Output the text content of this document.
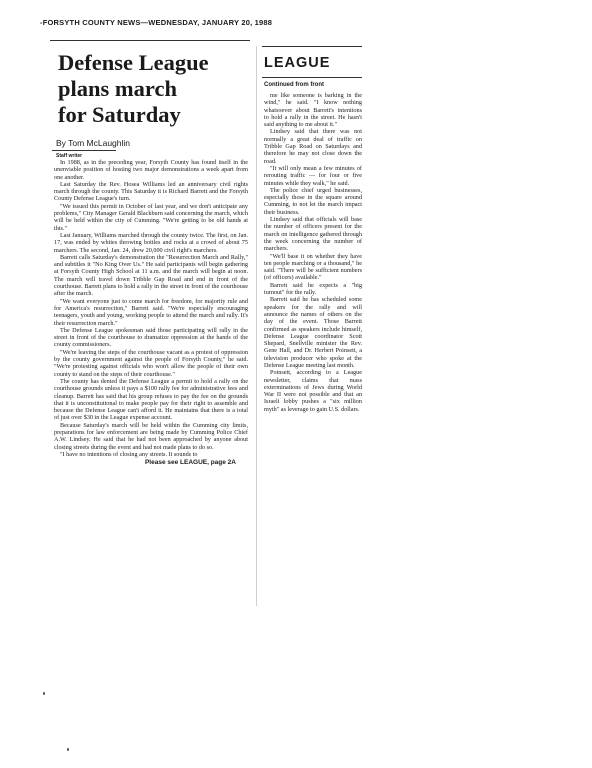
-FORSYTH COUNTY NEWS—WEDNESDAY, JANUARY 20, 1988
Defense League
plans march
for Saturday
By Tom McLaughlin
Staff writer

In 1988, as in the preceding year, Forsyth County has found itself in the unenviable position of hosting two major demonstrations a week apart from one another.

Last Saturday the Rev. Hosea Williams led an anniversary civil rights march through the county. This Saturday it is Richard Barrett and the Forsyth County Defense League's turn.

"We issued this permit in October of last year, and we don't anticipate any problems," City Manager Gerald Blackburn said concerning the march, which will be held within the city of Cumming. "We're getting to be old hands at this."

Last January, Williams marched through the county twice. The first, on Jan. 17, was ended by whites throwing bottles and rocks at a crowd of about 75 marchers. The second, Jan. 24, drew 20,000 civil right's marchers.

Barrett calls Saturday's demonstration the "Resurrection March and Rally," and subtitles it "No King Over Us." He said participants will begin gathering at Forsyth County High School at 11 a.m. and the march will begin at noon. The march will travel down Tribble Gap Road and end in front of the courthouse. Barrett plans to hold a rally in the street in front of the courthouse after the march.

"We want everyone just to come march for freedom, for majority rule and for America's resurrection," Barrett said. "We're especially encouraging teenagers, youth and young, working people to attend the march and rally. It's their resurrection march."

The Defense League spokesman said those participating will rally in the street in front of the courthouse to dramatize oppression at the hands of the county commissioners.

"We're leaving the steps of the courthouse vacant as a protest of oppression by the county government against the people of Forsyth County," he said. "We're protesting against officials who won't allow the people of their own county to stand on the steps of their courthouse."

The county has denied the Defense League a permit to hold a rally on the courthouse grounds unless it pays a $100 rally fee for administrative fees and cleanup. Barrett has said that his group refuses to pay the fee on the grounds that it is unconstitutional to make people pay for their right to assemble and because the Defense League can't afford it. He maintains that there is a total of just over $30 in the League expense account.

Because Saturday's march will be held within the Cumming city limits, preparations for law enforcement are being made by Cumming Police Chief A.W. Lindsey. He said that he had not been approached by anyone about closing streets during the event and had not made plans to do so.

"I have no intentions of closing any streets. It sounds to

Please see LEAGUE, page 2A
LEAGUE
Continued from front

me like someone is barking in the wind," he said. "I know nothing whatsoever about Barrett's intentions to hold a rally in the street. He hasn't said anything to me about it."

Lindsey said that there was not normally a great deal of traffic on Tribble Gap Road on Saturdays and therefore he may not close down the road.

"It will only mean a few minutes of rerouting traffic — for four or five minutes while they walk," he said.

The police chief urged businesses, especially those in the square around Cumming, to not let the march impact their business.

Lindsey said that officials will base the number of officers present for the march on intelligence gathered through the week concerning the number of marchers.

"We'll base it on whether they have ten people marching or a thousand," he said. "There will be sufficient numbers (of officers) available."

Barrett said he expects a "big turnout" for the rally.

Barrett said he has scheduled some speakers for the rally and will announce the names of others on the day of the event. Those Barrett confirmed as speakers include himself, Defense League coordinator Scott Shepard, Snellville minister the Rev. Gene Hall, and Dr. Herbert Poinsett, a television producer who spoke at the Defense League meeting last month.

Poinsett, according to a League newsletter, claims that mass exterminations of Jews during World War II were not possible and that an Israeli lobby pushes a "six million myth" as leverage to gain U.S. dollars.
